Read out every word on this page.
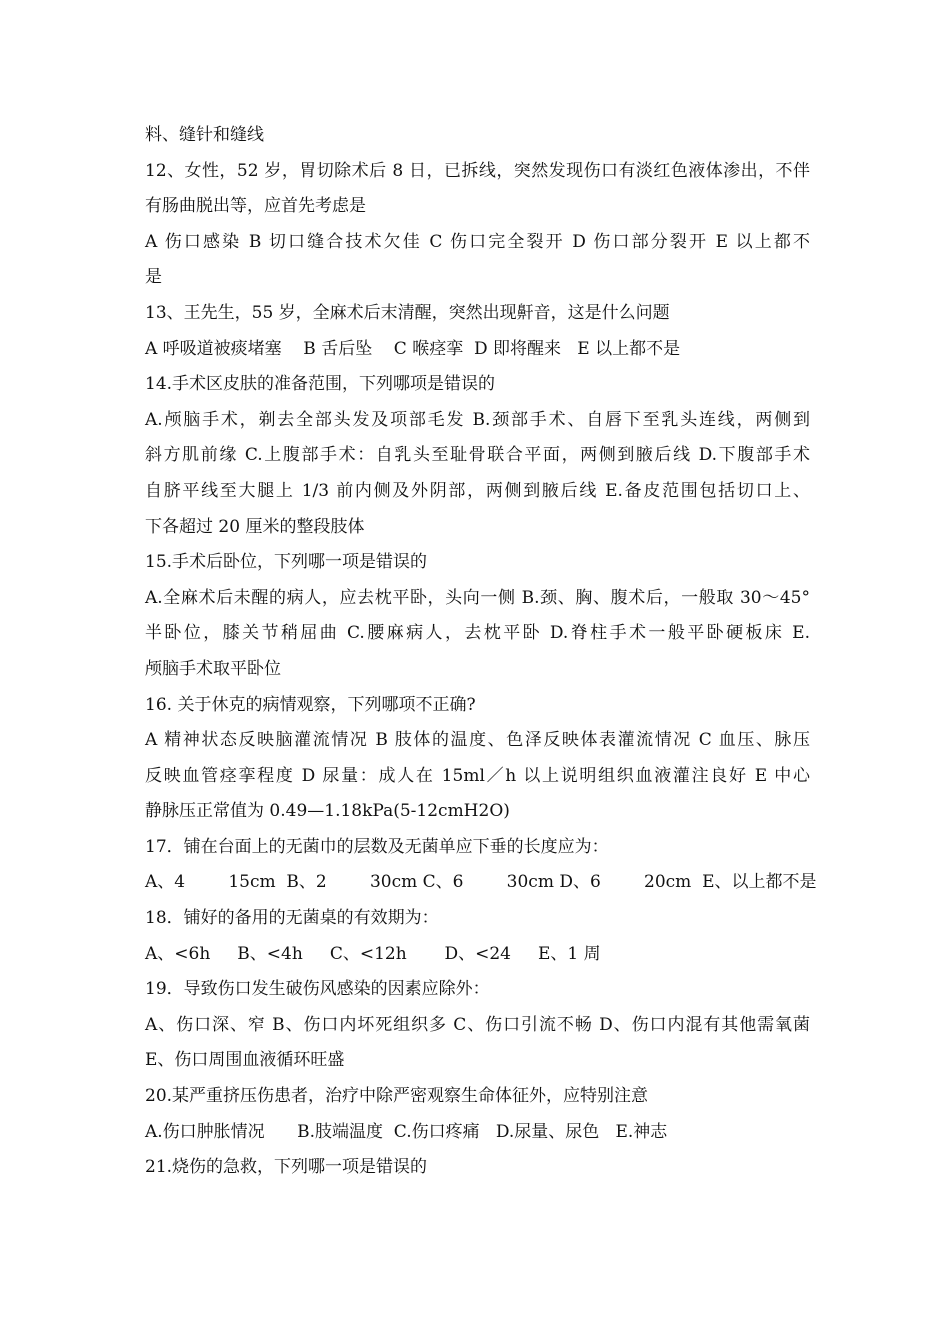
料、缝针和缝线
12、女性，52 岁，胃切除术后 8 日，已拆线，突然发现伤口有淡红色液体渗出，不伴
有肠曲脱出等，应首先考虑是
A 伤口感染 B 切口缝合技术欠佳 C 伤口完全裂开 D 伤口部分裂开 E 以上都不
是
13、王先生，55 岁，全麻术后末清醒，突然出现鼾音，这是什么问题
A 呼吸道被痰堵塞    B 舌后坠    C 喉痉挛  D 即将醒来   E 以上都不是
14.手术区皮肤的准备范围，下列哪项是错误的
A.颅脑手术，剃去全部头发及项部毛发 B.颈部手术、自唇下至乳头连线，两侧到
斜方肌前缘 C.上腹部手术：自乳头至耻骨联合平面，两侧到腋后线 D.下腹部手术
自脐平线至大腿上 1/3 前内侧及外阴部，两侧到腋后线 E.备皮范围包括切口上、
下各超过 20 厘米的整段肢体
15.手术后卧位，下列哪一项是错误的
A.全麻术后未醒的病人，应去枕平卧，头向一侧 B.颈、胸、腹术后，一般取 30～45°
半卧位，膝关节稍屈曲 C.腰麻病人，去枕平卧 D.脊柱手术一般平卧硬板床 E.
颅脑手术取平卧位
16. 关于休克的病情观察，下列哪项不正确?
A 精神状态反映脑灌流情况 B 肢体的温度、色泽反映体表灌流情况 C 血压、脉压
反映血管痉挛程度 D 尿量：成人在 15ml／h 以上说明组织血液灌注良好 E 中心
静脉压正常值为 0.49—1.18kPa(5-12cmH2O)
17．铺在台面上的无菌巾的层数及无菌单应下垂的长度应为：
A、4        15cm  B、2        30cm C、6        30cm D、6        20cm  E、以上都不是
18．铺好的备用的无菌桌的有效期为：
A、<6h     B、<4h     C、<12h       D、<24     E、1 周
19．导致伤口发生破伤风感染的因素应除外：
A、伤口深、窄 B、伤口内坏死组织多 C、伤口引流不畅 D、伤口内混有其他需氧菌
E、伤口周围血液循环旺盛
20.某严重挤压伤患者，治疗中除严密观察生命体征外，应特别注意
A.伤口肿胀情况      B.肢端温度  C.伤口疼痛   D.尿量、尿色   E.神志
21.烧伤的急救，下列哪一项是错误的
